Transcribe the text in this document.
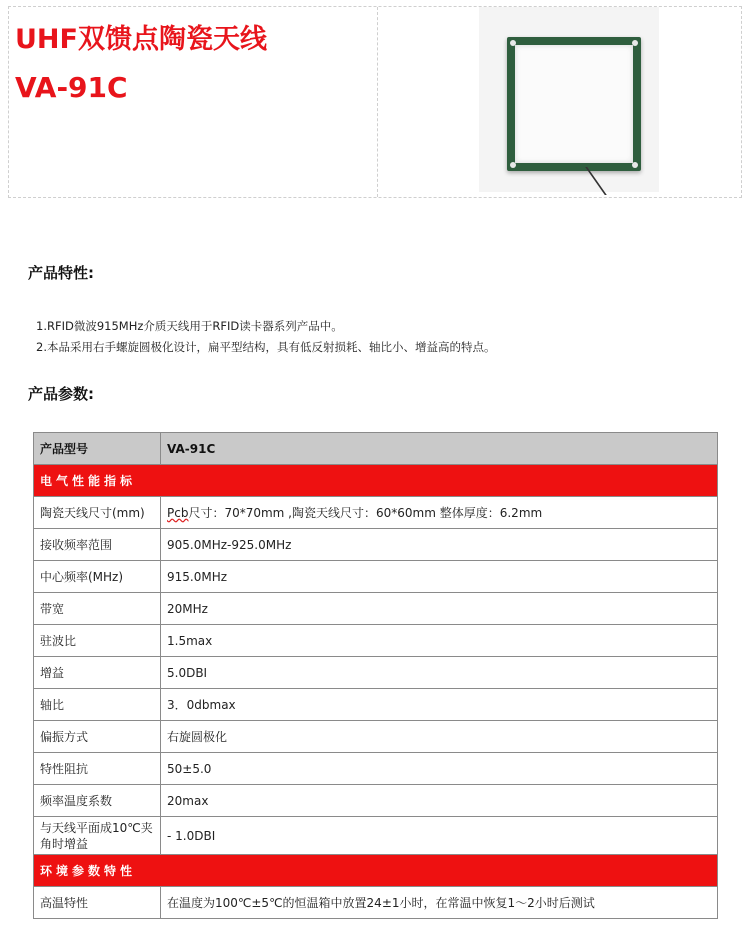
UHF双馈点陶瓷天线
VA-91C
产品特性:
1.RFID微波915MHz介质天线用于RFID读卡器系列产品中。
2.本品采用右手螺旋圆极化设计，扁平型结构，具有低反射损耗、轴比小、增益高的特点。
产品参数:
产品型号	VA-91C
电气性能指标	
陶瓷天线尺寸(mm)	Pcb尺寸：70*70mm ,陶瓷天线尺寸：60*60mm 整体厚度：6.2mm
接收频率范围	905.0MHz-925.0MHz
中心频率(MHz)	915.0MHz
带宽	20MHz
驻波比	1.5max
增益	5.0DBI
轴比	3．0dbmax
偏振方式	右旋圆极化
特性阻抗	50±5.0
频率温度系数	20max
与天线平面成10℃夹角时增益	- 1.0DBI
环境参数特性	
高温特性	在温度为100℃±5℃的恒温箱中放置24±1小时，在常温中恢复1～2小时后测试
